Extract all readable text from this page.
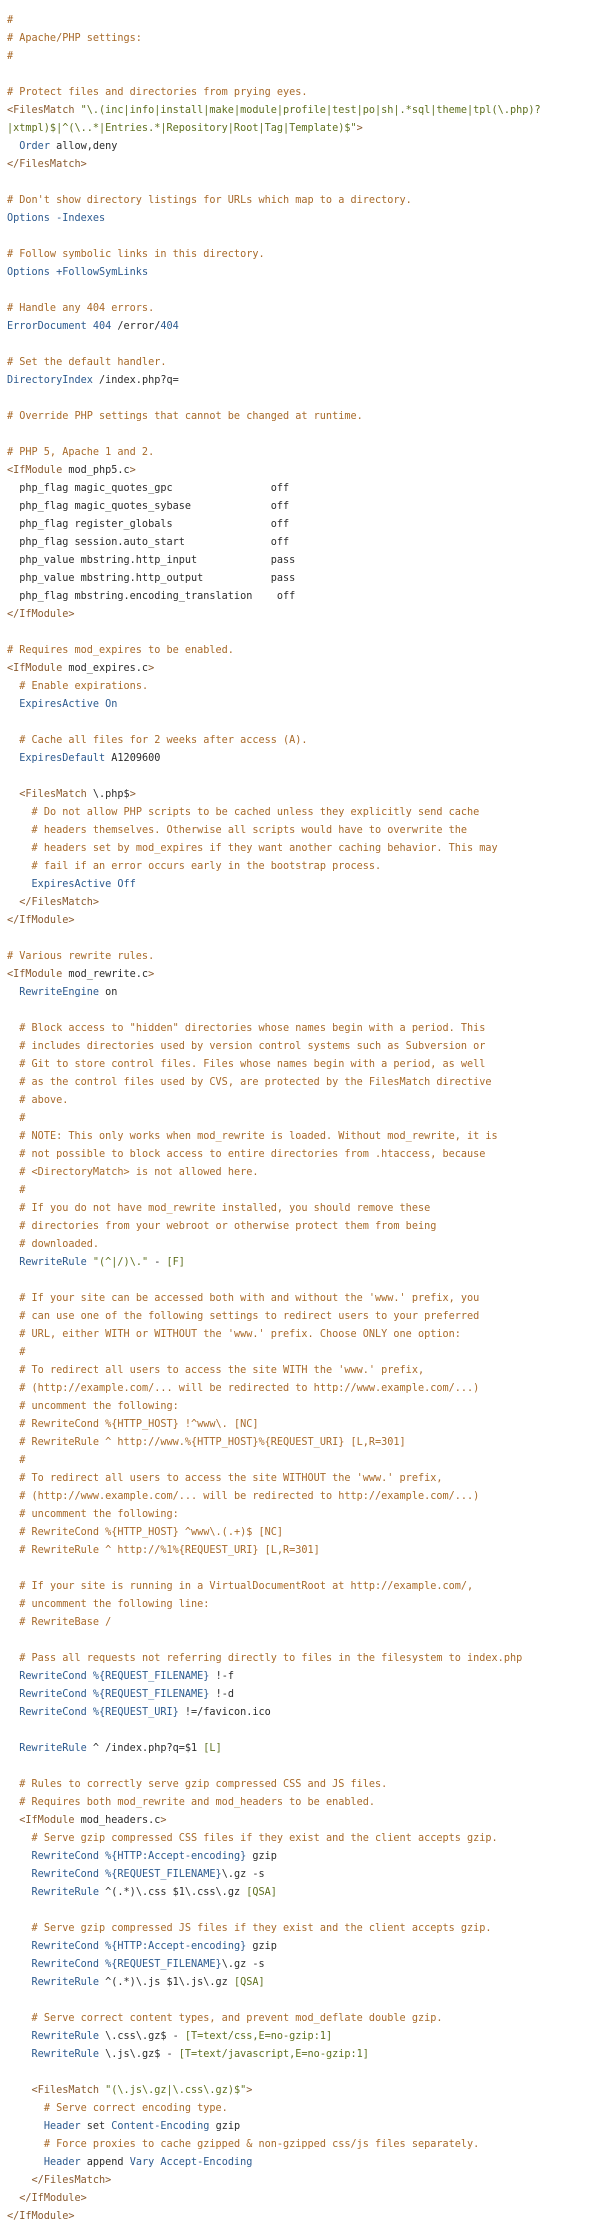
#
# Apache/PHP settings:
#
# Protect files and directories from prying eyes.
<FilesMatch "\.(inc|info|install|make|module|profile|test|po|sh|.*sql|theme|tpl(\.php)?
|xtmpl)$|^(\..*|Entries.*|Repository|Root|Tag|Template)$">
Order allow,deny
</FilesMatch>
# Don't show directory listings for URLs which map to a directory.
Options -Indexes
# Follow symbolic links in this directory.
Options +FollowSymLinks
# Handle any 404 errors.
ErrorDocument 404 /error/404
# Set the default handler.
DirectoryIndex /index.php?q=
# Override PHP settings that cannot be changed at runtime.
# PHP 5, Apache 1 and 2.
<IfModule mod_php5.c>
php_flag magic_quotes_gpc                off
php_flag magic_quotes_sybase             off
php_flag register_globals                off
php_flag session.auto_start              off
php_value mbstring.http_input            pass
php_value mbstring.http_output           pass
php_flag mbstring.encoding_translation    off
</IfModule>
# Requires mod_expires to be enabled.
<IfModule mod_expires.c>
# Enable expirations.
ExpiresActive On
# Cache all files for 2 weeks after access (A).
ExpiresDefault A1209600
<FilesMatch \.php$>
# Do not allow PHP scripts to be cached unless they explicitly send cache
# headers themselves. Otherwise all scripts would have to overwrite the
# headers set by mod_expires if they want another caching behavior. This may
# fail if an error occurs early in the bootstrap process.
ExpiresActive Off
</FilesMatch>
</IfModule>
# Various rewrite rules.
<IfModule mod_rewrite.c>
RewriteEngine on
# Block access to "hidden" directories whose names begin with a period. This
# includes directories used by version control systems such as Subversion or
# Git to store control files. Files whose names begin with a period, as well
# as the control files used by CVS, are protected by the FilesMatch directive
# above.
#
# NOTE: This only works when mod_rewrite is loaded. Without mod_rewrite, it is
# not possible to block access to entire directories from .htaccess, because
# <DirectoryMatch> is not allowed here.
#
# If you do not have mod_rewrite installed, you should remove these
# directories from your webroot or otherwise protect them from being
# downloaded.
RewriteRule "(^|/)\." - [F]
# If your site can be accessed both with and without the 'www.' prefix, you
# can use one of the following settings to redirect users to your preferred
# URL, either WITH or WITHOUT the 'www.' prefix. Choose ONLY one option:
#
# To redirect all users to access the site WITH the 'www.' prefix,
# (http://example.com/... will be redirected to http://www.example.com/...)
# uncomment the following:
# RewriteCond %{HTTP_HOST} !^www\. [NC]
# RewriteRule ^ http://www.%{HTTP_HOST}%{REQUEST_URI} [L,R=301]
#
# To redirect all users to access the site WITHOUT the 'www.' prefix,
# (http://www.example.com/... will be redirected to http://example.com/...)
# uncomment the following:
# RewriteCond %{HTTP_HOST} ^www\.(.+)$ [NC]
# RewriteRule ^ http://%1%{REQUEST_URI} [L,R=301]
# If your site is running in a VirtualDocumentRoot at http://example.com/,
# uncomment the following line:
# RewriteBase /
# Pass all requests not referring directly to files in the filesystem to index.php
RewriteCond %{REQUEST_FILENAME} !-f
RewriteCond %{REQUEST_FILENAME} !-d
RewriteCond %{REQUEST_URI} !=/favicon.ico
RewriteRule ^ /index.php?q=$1 [L]
# Rules to correctly serve gzip compressed CSS and JS files.
# Requires both mod_rewrite and mod_headers to be enabled.
<IfModule mod_headers.c>
# Serve gzip compressed CSS files if they exist and the client accepts gzip.
RewriteCond %{HTTP:Accept-encoding} gzip
RewriteCond %{REQUEST_FILENAME}\.gz -s
RewriteRule ^(.*)\.css $1\.css\.gz [QSA]
# Serve gzip compressed JS files if they exist and the client accepts gzip.
RewriteCond %{HTTP:Accept-encoding} gzip
RewriteCond %{REQUEST_FILENAME}\.gz -s
RewriteRule ^(.*)\.js $1\.js\.gz [QSA]
# Serve correct content types, and prevent mod_deflate double gzip.
RewriteRule \.css\.gz$ - [T=text/css,E=no-gzip:1]
RewriteRule \.js\.gz$ - [T=text/javascript,E=no-gzip:1]
<FilesMatch "(\.js\.gz|\.css\.gz)$">
# Serve correct encoding type.
Header set Content-Encoding gzip
# Force proxies to cache gzipped & non-gzipped css/js files separately.
Header append Vary Accept-Encoding
</FilesMatch>
</IfModule>
</IfModule>
